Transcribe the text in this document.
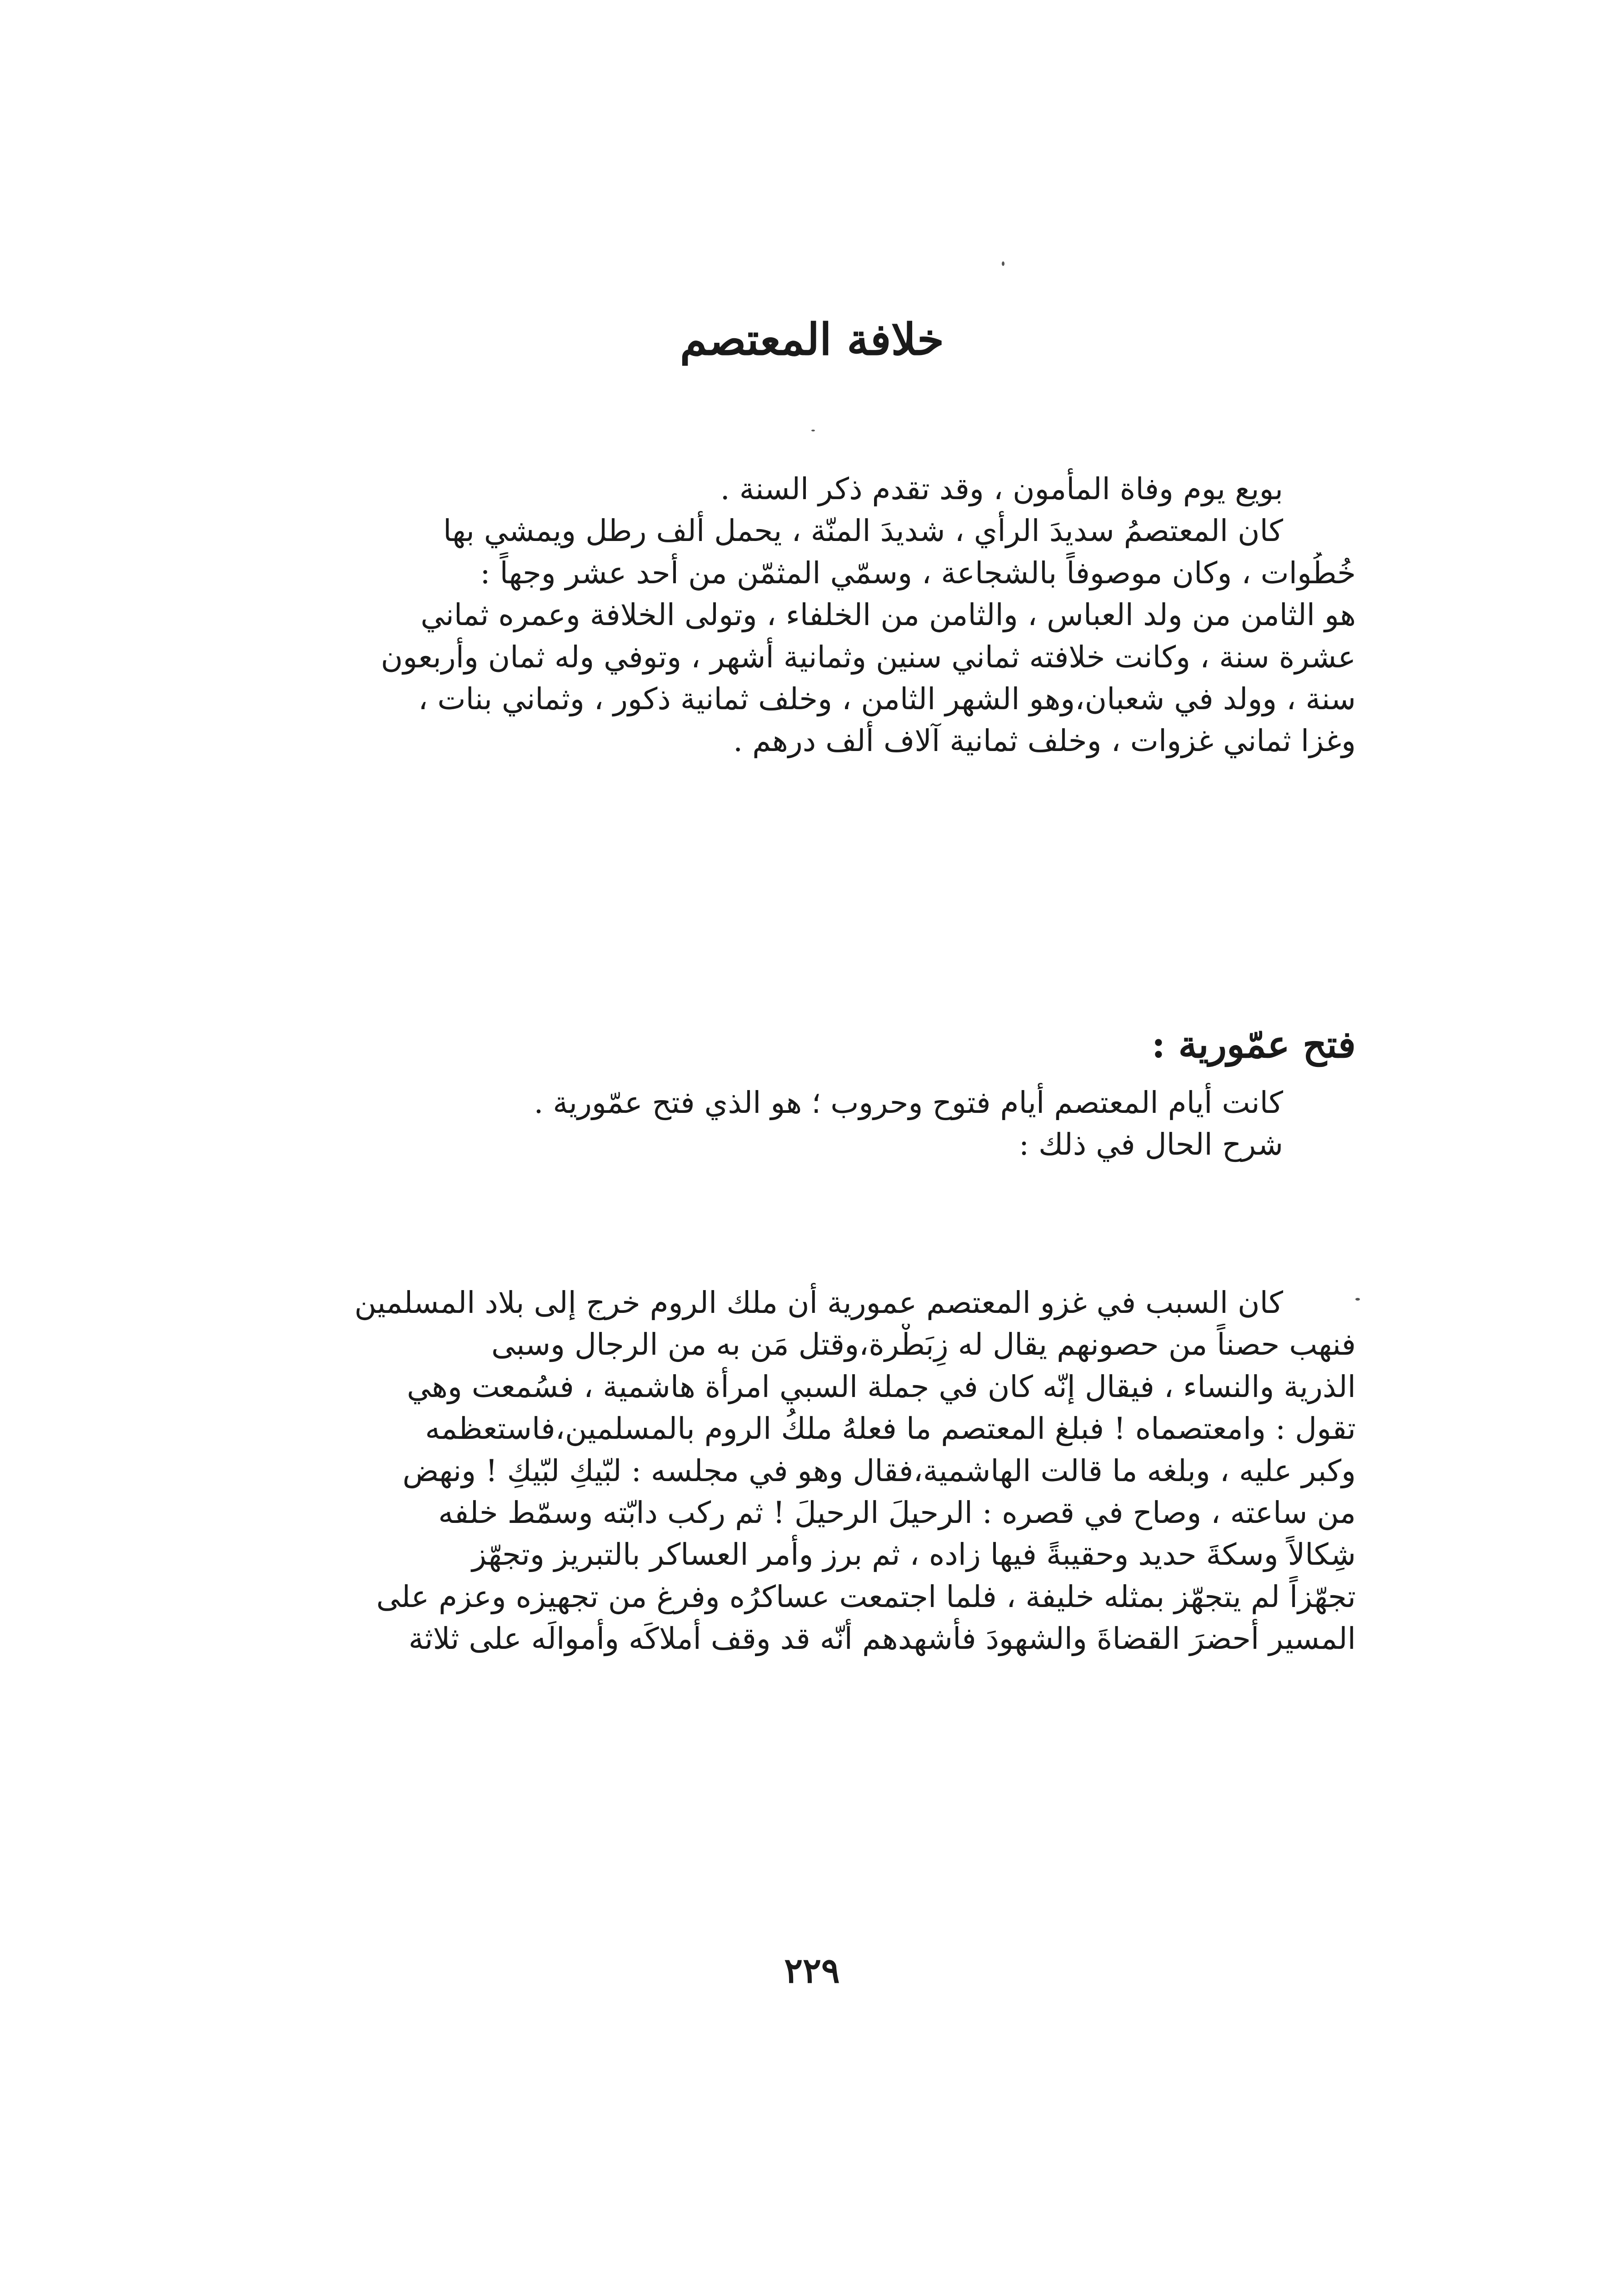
خلافة المعتصم
بويع يوم وفاة المأمون ، وقد تقدم ذكر السنة .
كان المعتصمُ سديدَ الرأي ، شديدَ المنّة ، يحمل ألف رطل ويمشي بها
خُطُوات ، وكان موصوفاً بالشجاعة ، وسمّي المثمّن من أحد عشر وجهاً :
هو الثامن من ولد العباس ، والثامن من الخلفاء ، وتولى الخلافة وعمره ثماني
عشرة سنة ، وكانت خلافته ثماني سنين وثمانية أشهر ، وتوفي وله ثمان وأربعون
سنة ، وولد في شعبان،وهو الشهر الثامن ، وخلف ثمانية ذكور ، وثماني بنات ،
وغزا ثماني غزوات ، وخلف ثمانية آلاف ألف درهم .
فتح عمّورية :
كانت أيام المعتصم أيام فتوح وحروب ؛ هو الذي فتح عمّورية .
شرح الحال في ذلك :
كان السبب في غزو المعتصم عمورية أن ملك الروم خرج إلى بلاد المسلمين
فنهب حصناً من حصونهم يقال له زِبَطْرة،وقتل مَن به من الرجال وسبى
الذرية والنساء ، فيقال إنّه كان في جملة السبي امرأة هاشمية ، فسُمعت وهي
تقول : وامعتصماه ! فبلغ المعتصم ما فعلهُ ملكُ الروم بالمسلمين،فاستعظمه
وكبر عليه ، وبلغه ما قالت الهاشمية،فقال وهو في مجلسه : لبّيكِ لبّيكِ ! ونهض
من ساعته ، وصاح في قصره : الرحيلَ الرحيلَ ! ثم ركب دابّته وسمّط خلفه
شِكالاً وسكةَ حديد وحقيبةً فيها زاده ، ثم برز وأمر العساكر بالتبريز وتجهّز
تجهّزاً لم يتجهّز بمثله خليفة ، فلما اجتمعت عساكرُه وفرغ من تجهيزه وعزم على
المسير أحضرَ القضاةَ والشهودَ فأشهدهم أنّه قد وقف أملاكَه وأموالَه على ثلاثة
٢٢٩
